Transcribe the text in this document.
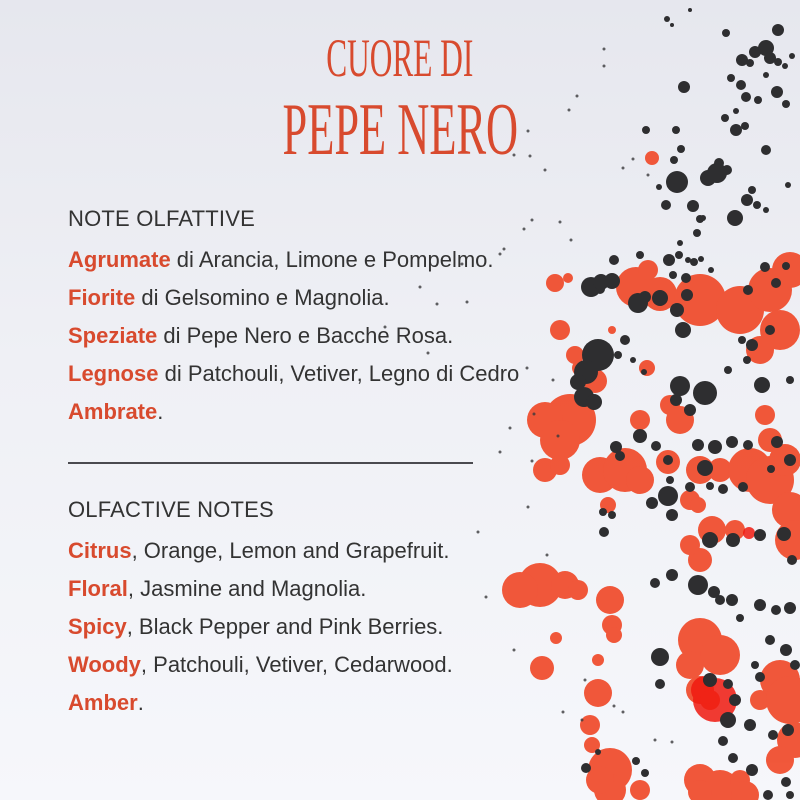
CUORE DI
PEPE NERO
NOTE OLFATTIVE
Agrumate di Arancia, Limone e Pompelmo.
Fiorite di Gelsomino e Magnolia.
Speziate di Pepe Nero e Bacche Rosa.
Legnose di Patchouli, Vetiver, Legno di Cedro
Ambrate.
OLFACTIVE NOTES
Citrus, Orange, Lemon and Grapefruit.
Floral, Jasmine and Magnolia.
Spicy, Black Pepper and Pink Berries.
Woody, Patchouli, Vetiver, Cedarwood.
Amber.
